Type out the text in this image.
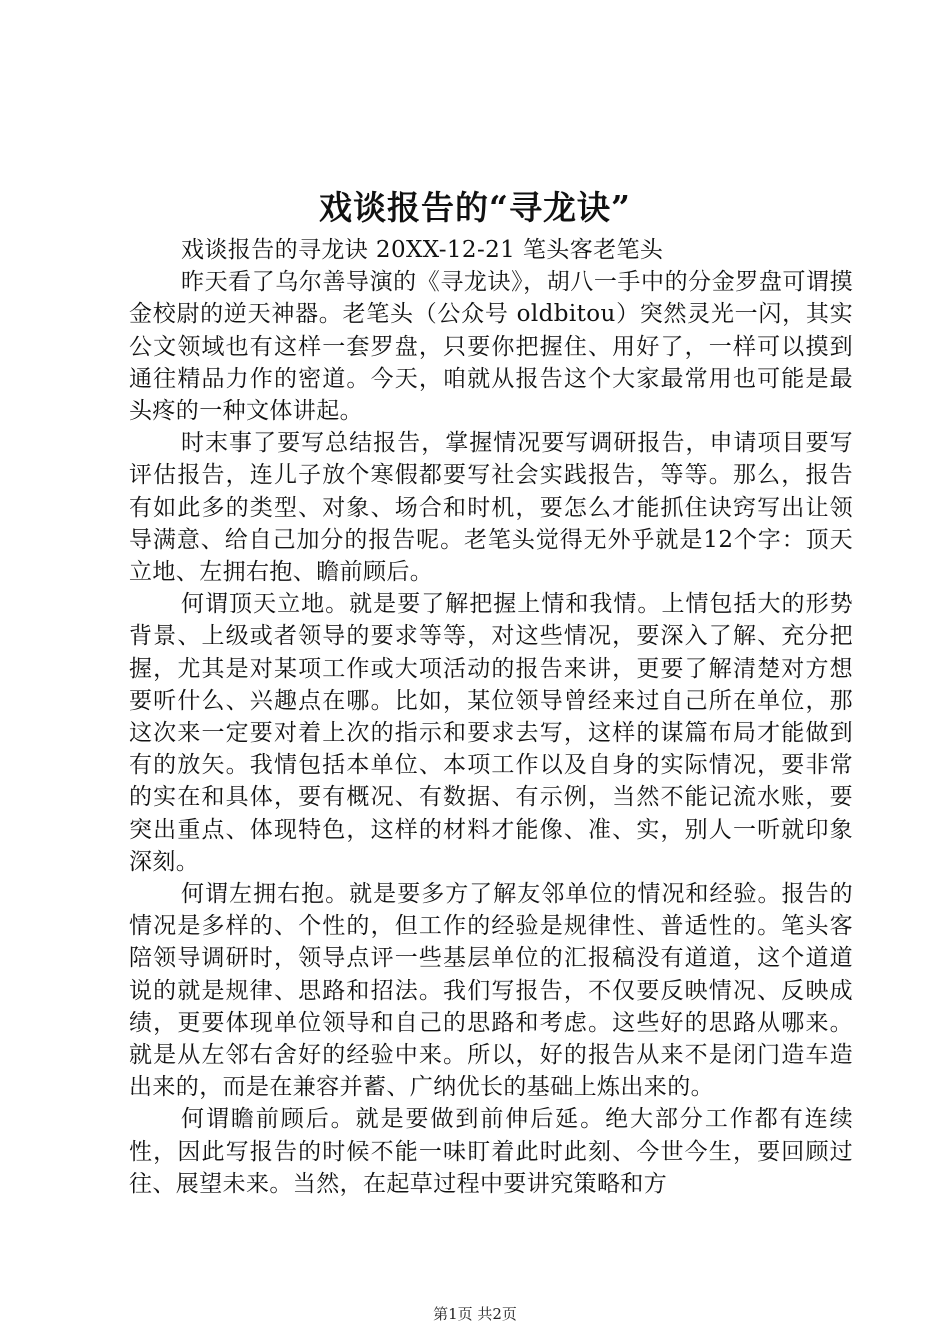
戏谈报告的“寻龙诀”

戏谈报告的寻龙诀 20XX-12-21 笔头客老笔头

昨天看了乌尔善导演的《寻龙诀》，胡八一手中的分金罗盘可谓摸金校尉的逆天神器。老笔头（公众号 oldbitou）突然灵光一闪，其实公文领域也有这样一套罗盘，只要你把握住、用好了，一样可以摸到通往精品力作的密道。今天，咱就从报告这个大家最常用也可能是最头疼的一种文体讲起。

时末事了要写总结报告，掌握情况要写调研报告，申请项目要写评估报告，连儿子放个寒假都要写社会实践报告，等等。那么，报告有如此多的类型、对象、场合和时机，要怎么才能抓住诀窍写出让领导满意、给自己加分的报告呢。老笔头觉得无外乎就是12个字：顶天立地、左拥右抱、瞻前顾后。

何谓顶天立地。就是要了解把握上情和我情。上情包括大的形势背景、上级或者领导的要求等等，对这些情况，要深入了解、充分把握，尤其是对某项工作或大项活动的报告来讲，更要了解清楚对方想要听什么、兴趣点在哪。比如，某位领导曾经来过自己所在单位，那这次来一定要对着上次的指示和要求去写，这样的谋篇布局才能做到有的放矢。我情包括本单位、本项工作以及自身的实际情况，要非常的实在和具体，要有概况、有数据、有示例，当然不能记流水账，要突出重点、体现特色，这样的材料才能像、准、实，别人一听就印象深刻。

何谓左拥右抱。就是要多方了解友邻单位的情况和经验。报告的情况是多样的、个性的，但工作的经验是规律性、普适性的。笔头客陪领导调研时，领导点评一些基层单位的汇报稿没有道道，这个道道说的就是规律、思路和招法。我们写报告，不仅要反映情况、反映成绩，更要体现单位领导和自己的思路和考虑。这些好的思路从哪来。就是从左邻右舍好的经验中来。所以，好的报告从来不是闭门造车造出来的，而是在兼容并蓄、广纳优长的基础上炼出来的。

何谓瞻前顾后。就是要做到前伸后延。绝大部分工作都有连续性，因此写报告的时候不能一味盯着此时此刻、今世今生，要回顾过往、展望未来。当然，在起草过程中要讲究策略和方

第1页 共2页
